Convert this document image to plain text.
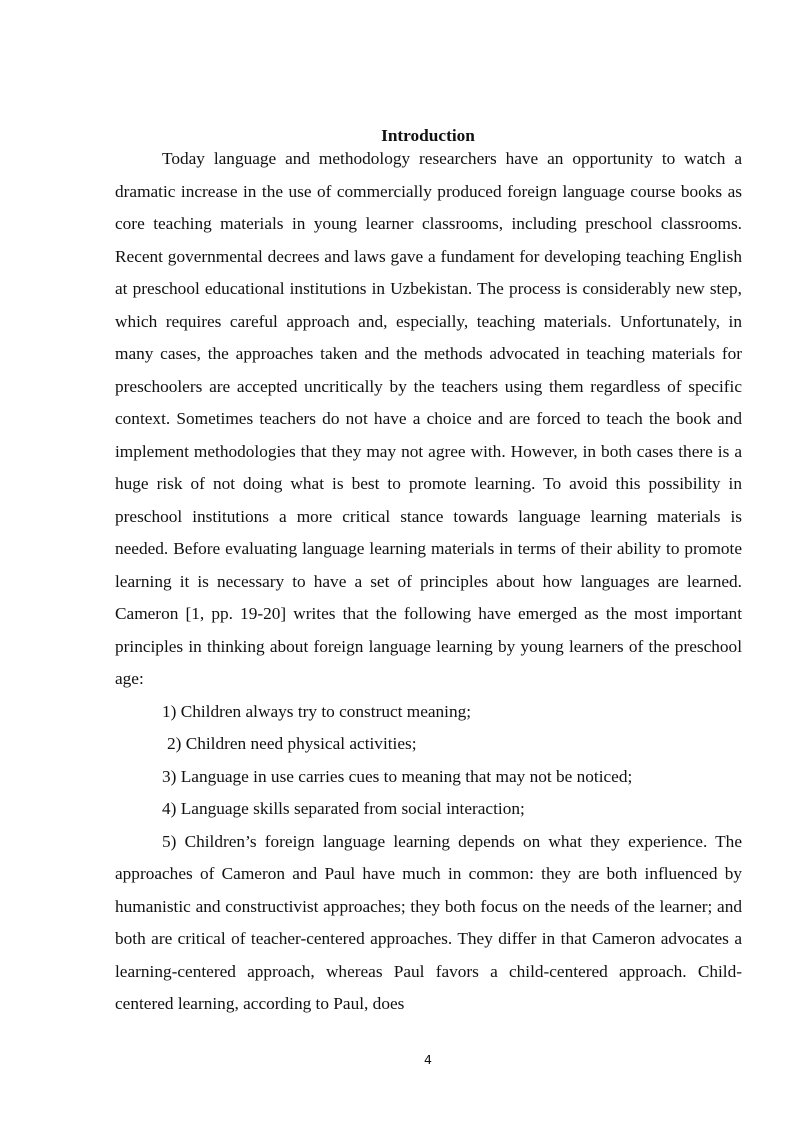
Introduction

Today language and methodology researchers have an opportunity to watch a dramatic increase in the use of commercially produced foreign language course books as core teaching materials in young learner classrooms, including preschool classrooms. Recent governmental decrees and laws gave a fundament for developing teaching English at preschool educational institutions in Uzbekistan. The process is considerably new step, which requires careful approach and, especially, teaching materials. Unfortunately, in many cases, the approaches taken and the methods advocated in teaching materials for preschoolers are accepted uncritically by the teachers using them regardless of specific context. Sometimes teachers do not have a choice and are forced to teach the book and implement methodologies that they may not agree with. However, in both cases there is a huge risk of not doing what is best to promote learning. To avoid this possibility in preschool institutions a more critical stance towards language learning materials is needed. Before evaluating language learning materials in terms of their ability to promote learning it is necessary to have a set of principles about how languages are learned. Cameron [1, pp. 19-20] writes that the following have emerged as the most important principles in thinking about foreign language learning by young learners of the preschool age:

1) Children always try to construct meaning;

2) Children need physical activities;

3) Language in use carries cues to meaning that may not be noticed;

4) Language skills separated from social interaction;

5) Children’s foreign language learning depends on what they experience. The approaches of Cameron and Paul have much in common: they are both influenced by humanistic and constructivist approaches; they both focus on the needs of the learner; and both are critical of teacher-centered approaches. They differ in that Cameron advocates a learning-centered approach, whereas Paul favors a child-centered approach. Child-centered learning, according to Paul, does

4
